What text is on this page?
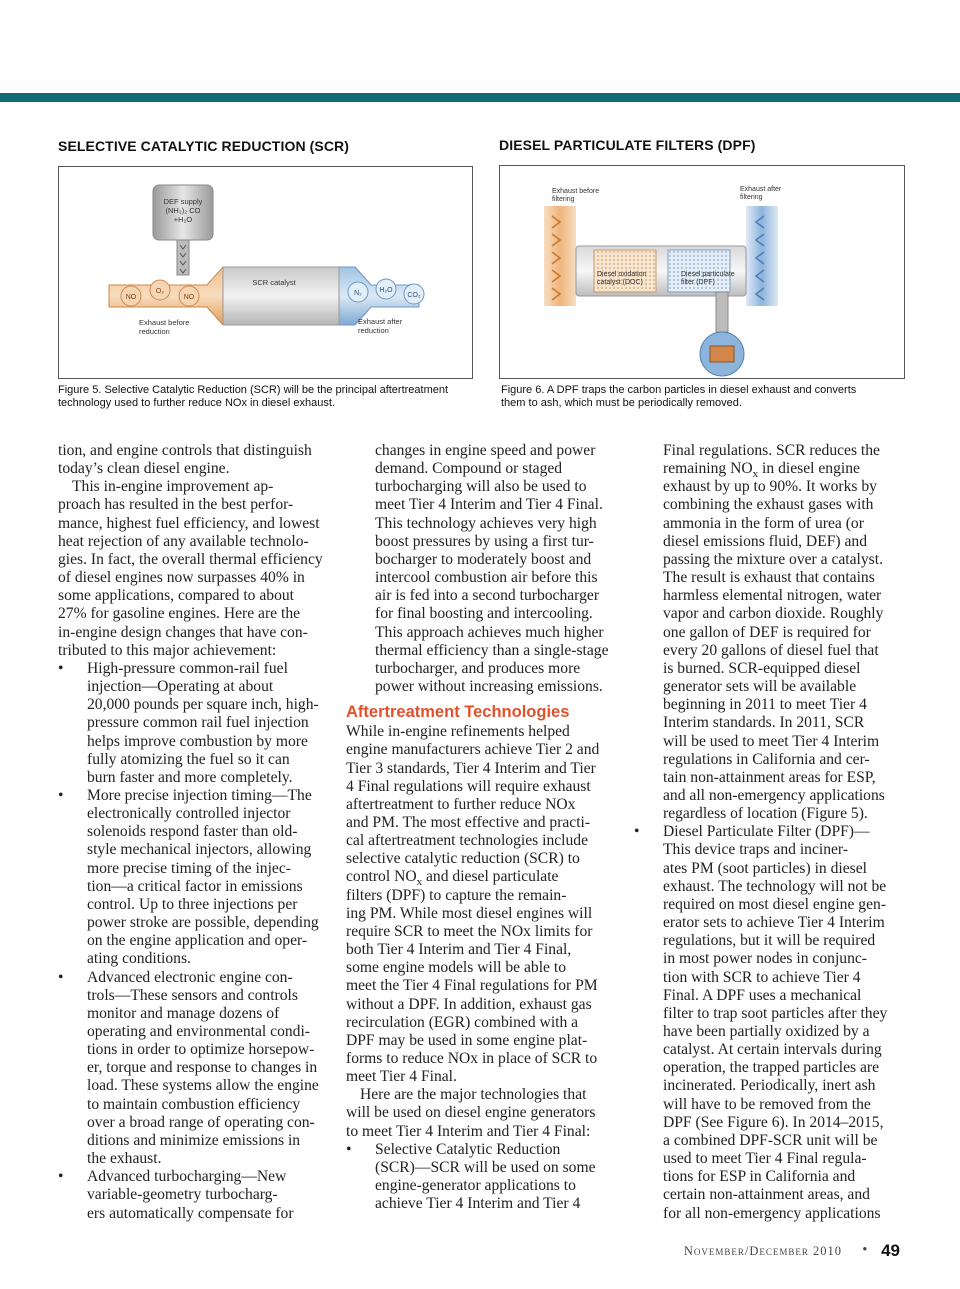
SELECTIVE CATALYTIC REDUCTION (SCR)
DEF supply
(NH₂)₂ CO
+H₂O
SCR catalyst
NO
O₂
NO
N₂	H₂O
CO₂
Exhaust before
reduction
Exhaust after
reduction
Figure 5. Selective Catalytic Reduction (SCR) will be the principal aftertreatment
technology used to further reduce NOx in diesel exhaust.
DIESEL PARTICULATE FILTERS (DPF)
Diesel oxidation
catalyst (DOC)
Diesel particulate
filter (DPF)
Exhaust before
filtering
Exhaust after
filtering
Figure 6. A DPF traps the carbon particles in diesel exhaust and converts
them to ash, which must be periodically removed.

tion, and engine controls that distinguish

today’s clean diesel engine.

This in-engine improvement ap-

proach has resulted in the best perfor-

mance, highest fuel efficiency, and lowest

heat rejection of any available technolo-

gies. In fact, the overall thermal efficiency

of diesel engines now surpasses 40% in

some applications, compared to about

27% for gasoline engines. Here are the

in-engine design changes that have con-

tributed to this major achievement:

• High-pressure common-rail fuel

injection—Operating at about

20,000 pounds per square inch, high-

pressure common rail fuel injection

helps improve combustion by more

fully atomizing the fuel so it can

burn faster and more completely.

• More precise injection timing—The

electronically controlled injector

solenoids respond faster than old-

style mechanical injectors, allowing

more precise timing of the injec-

tion—a critical factor in emissions

control. Up to three injections per

power stroke are possible, depending

on the engine application and oper-

ating conditions.

• Advanced electronic engine con-

trols—These sensors and controls

monitor and manage dozens of

operating and environmental condi-

tions in order to optimize horsepow-

er, torque and response to changes in

load. These systems allow the engine

to maintain combustion efficiency

over a broad range of operating con-

ditions and minimize emissions in

the exhaust.

• Advanced turbocharging—New

variable-geometry turbocharg-

ers automatically compensate for

changes in engine speed and power

demand. Compound or staged

turbocharging will also be used to

meet Tier 4 Interim and Tier 4 Final.

This technology achieves very high

boost pressures by using a first tur-

bocharger to moderately boost and

intercool combustion air before this

air is fed into a second turbocharger

for final boosting and intercooling.

This approach achieves much higher

thermal efficiency than a single-stage

turbocharger, and produces more

power without increasing emissions.

Aftertreatment Technologies

While in-engine refinements helped

engine manufacturers achieve Tier 2 and

Tier 3 standards, Tier 4 Interim and Tier

4 Final regulations will require exhaust

aftertreatment to further reduce NOx

and PM. The most effective and practi-

cal aftertreatment technologies include

selective catalytic reduction (SCR) to

control $NO_x$ and diesel particulate

filters (DPF) to capture the remain-

ing PM. While most diesel engines will

require SCR to meet the NOx limits for

both Tier 4 Interim and Tier 4 Final,

some engine models will be able to

meet the Tier 4 Final regulations for PM

without a DPF. In addition, exhaust gas

recirculation (EGR) combined with a

DPF may be used in some engine plat-

forms to reduce NOx in place of SCR to

meet Tier 4 Final.

Here are the major technologies that

will be used on diesel engine generators

to meet Tier 4 Interim and Tier 4 Final:

• Selective Catalytic Reduction

(SCR)—SCR will be used on some

engine-generator applications to

achieve Tier 4 Interim and Tier 4

Final regulations. SCR reduces the

remaining $NO_x$ in diesel engine

exhaust by up to 90%. It works by

combining the exhaust gases with

ammonia in the form of urea (or

diesel emissions fluid, DEF) and

passing the mixture over a catalyst.

The result is exhaust that contains

harmless elemental nitrogen, water

vapor and carbon dioxide. Roughly

one gallon of DEF is required for

every 20 gallons of diesel fuel that

is burned. SCR-equipped diesel

generator sets will be available

beginning in 2011 to meet Tier 4

Interim standards. In 2011, SCR

will be used to meet Tier 4 Interim

regulations in California and cer-

tain non-attainment areas for ESP,

and all non-emergency applications

regardless of location (Figure 5).

• Diesel Particulate Filter (DPF)—

This device traps and inciner-

ates PM (soot particles) in diesel

exhaust. The technology will not be

required on most diesel engine gen-

erator sets to achieve Tier 4 Interim

regulations, but it will be required

in most power nodes in conjunc-

tion with SCR to achieve Tier 4

Final. A DPF uses a mechanical

filter to trap soot particles after they

have been partially oxidized by a

catalyst. At certain intervals during

operation, the trapped particles are

incinerated. Periodically, inert ash

will have to be removed from the

DPF (See Figure 6). In 2014–2015,

a combined DPF-SCR unit will be

used to meet Tier 4 Final regula-

tions for ESP in California and

certain non-attainment areas, and

for all non-emergency applications

November/December 2010 • 49
